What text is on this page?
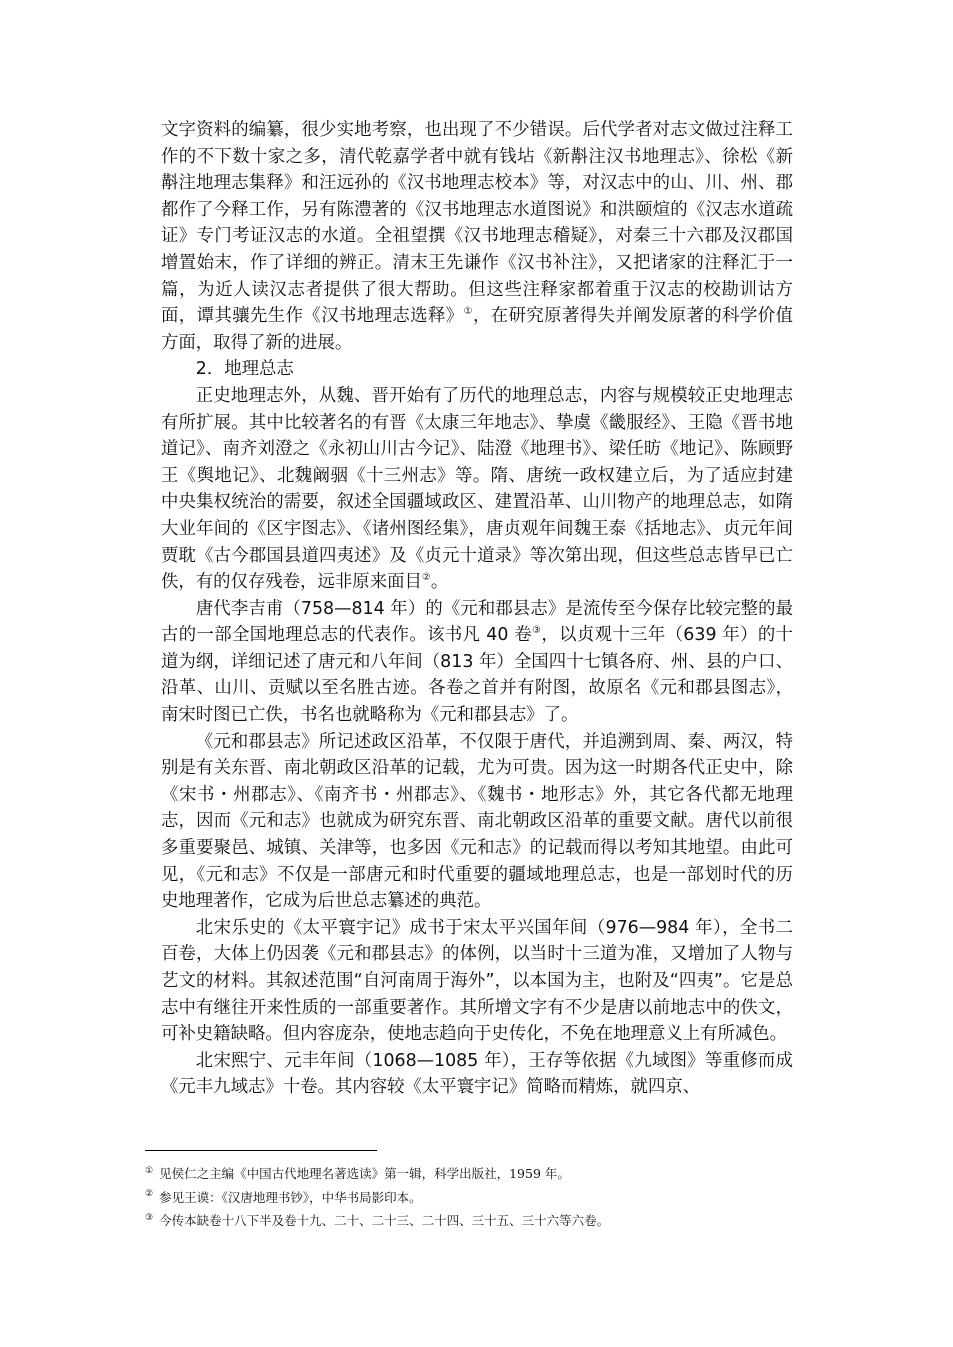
文字资料的编纂，很少实地考察，也出现了不少错误。后代学者对志文做过注释工作的不下数十家之多，清代乾嘉学者中就有钱坫《新斠注汉书地理志》、徐松《新斠注地理志集释》和汪远孙的《汉书地理志校本》等，对汉志中的山、川、州、郡都作了今释工作，另有陈澧著的《汉书地理志水道图说》和洪颐煊的《汉志水道疏证》专门考证汉志的水道。全祖望撰《汉书地理志稽疑》，对秦三十六郡及汉郡国增置始末，作了详细的辨正。清末王先谦作《汉书补注》，又把诸家的注释汇于一篇，为近人读汉志者提供了很大帮助。但这些注释家都着重于汉志的校勘训诂方面，谭其骧先生作《汉书地理志选释》①，在研究原著得失并阐发原著的科学价值方面，取得了新的进展。

2．地理总志

正史地理志外，从魏、晋开始有了历代的地理总志，内容与规模较正史地理志有所扩展。其中比较著名的有晋《太康三年地志》、挚虞《畿服经》、王隐《晋书地道记》、南齐刘澄之《永初山川古今记》、陆澄《地理书》、梁任昉《地记》、陈顾野王《舆地记》、北魏阚骃《十三州志》等。隋、唐统一政权建立后，为了适应封建中央集权统治的需要，叙述全国疆域政区、建置沿革、山川物产的地理总志，如隋大业年间的《区宇图志》、《诸州图经集》，唐贞观年间魏王泰《括地志》、贞元年间贾耽《古今郡国县道四夷述》及《贞元十道录》等次第出现，但这些总志皆早已亡佚，有的仅存残卷，远非原来面目②。

唐代李吉甫（758—814 年）的《元和郡县志》是流传至今保存比较完整的最古的一部全国地理总志的代表作。该书凡 40 卷③，以贞观十三年（639 年）的十道为纲，详细记述了唐元和八年间（813 年）全国四十七镇各府、州、县的户口、沿革、山川、贡赋以至名胜古迹。各卷之首并有附图，故原名《元和郡县图志》，南宋时图已亡佚，书名也就略称为《元和郡县志》了。

《元和郡县志》所记述政区沿革，不仅限于唐代，并追溯到周、秦、两汉，特别是有关东晋、南北朝政区沿革的记载，尤为可贵。因为这一时期各代正史中，除《宋书・州郡志》、《南齐书・州郡志》、《魏书・地形志》外，其它各代都无地理志，因而《元和志》也就成为研究东晋、南北朝政区沿革的重要文献。唐代以前很多重要聚邑、城镇、关津等，也多因《元和志》的记载而得以考知其地望。由此可见，《元和志》不仅是一部唐元和时代重要的疆域地理总志，也是一部划时代的历史地理著作，它成为后世总志纂述的典范。

北宋乐史的《太平寰宇记》成书于宋太平兴国年间（976—984 年），全书二百卷，大体上仍因袭《元和郡县志》的体例，以当时十三道为准，又增加了人物与艺文的材料。其叙述范围“自河南周于海外”，以本国为主，也附及“四夷”。它是总志中有继往开来性质的一部重要著作。其所增文字有不少是唐以前地志中的佚文，可补史籍缺略。但内容庞杂，使地志趋向于史传化，不免在地理意义上有所减色。

北宋熙宁、元丰年间（1068—1085 年），王存等依据《九域图》等重修而成《元丰九域志》十卷。其内容较《太平寰宇记》简略而精炼，就四京、

① 见侯仁之主编《中国古代地理名著选读》第一辑，科学出版社，1959 年。

② 参见王谟：《汉唐地理书钞》，中华书局影印本。

③ 今传本缺卷十八下半及卷十九、二十、二十三、二十四、三十五、三十六等六卷。
